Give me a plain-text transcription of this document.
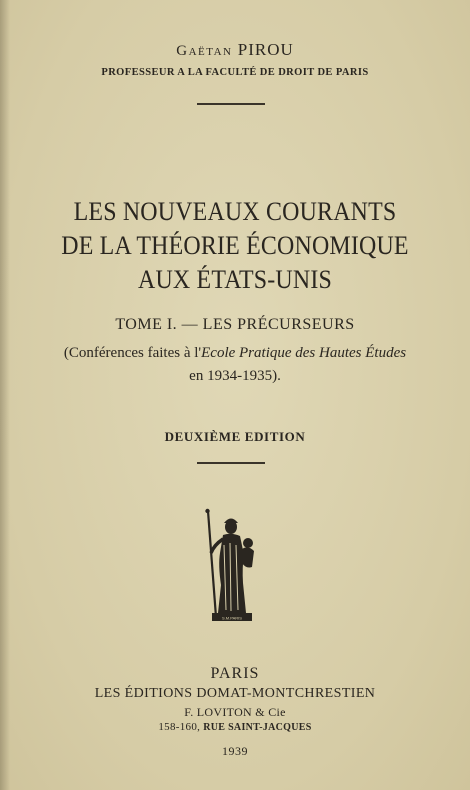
Gaëtan PIROU
PROFESSEUR A LA FACULTÉ DE DROIT DE PARIS
LES NOUVEAUX COURANTS
DE LA THÉORIE ÉCONOMIQUE
AUX ÉTATS-UNIS
TOME I. — LES PRÉCURSEURS
(Conférences faites à l'Ecole Pratique des Hautes Études
en 1934-1935).
DEUXIÈME EDITION
S.M.PARIS
PARIS
LES ÉDITIONS DOMAT-MONTCHRESTIEN
F. LOVITON & Cie
158-160, RUE SAINT-JACQUES
1939
